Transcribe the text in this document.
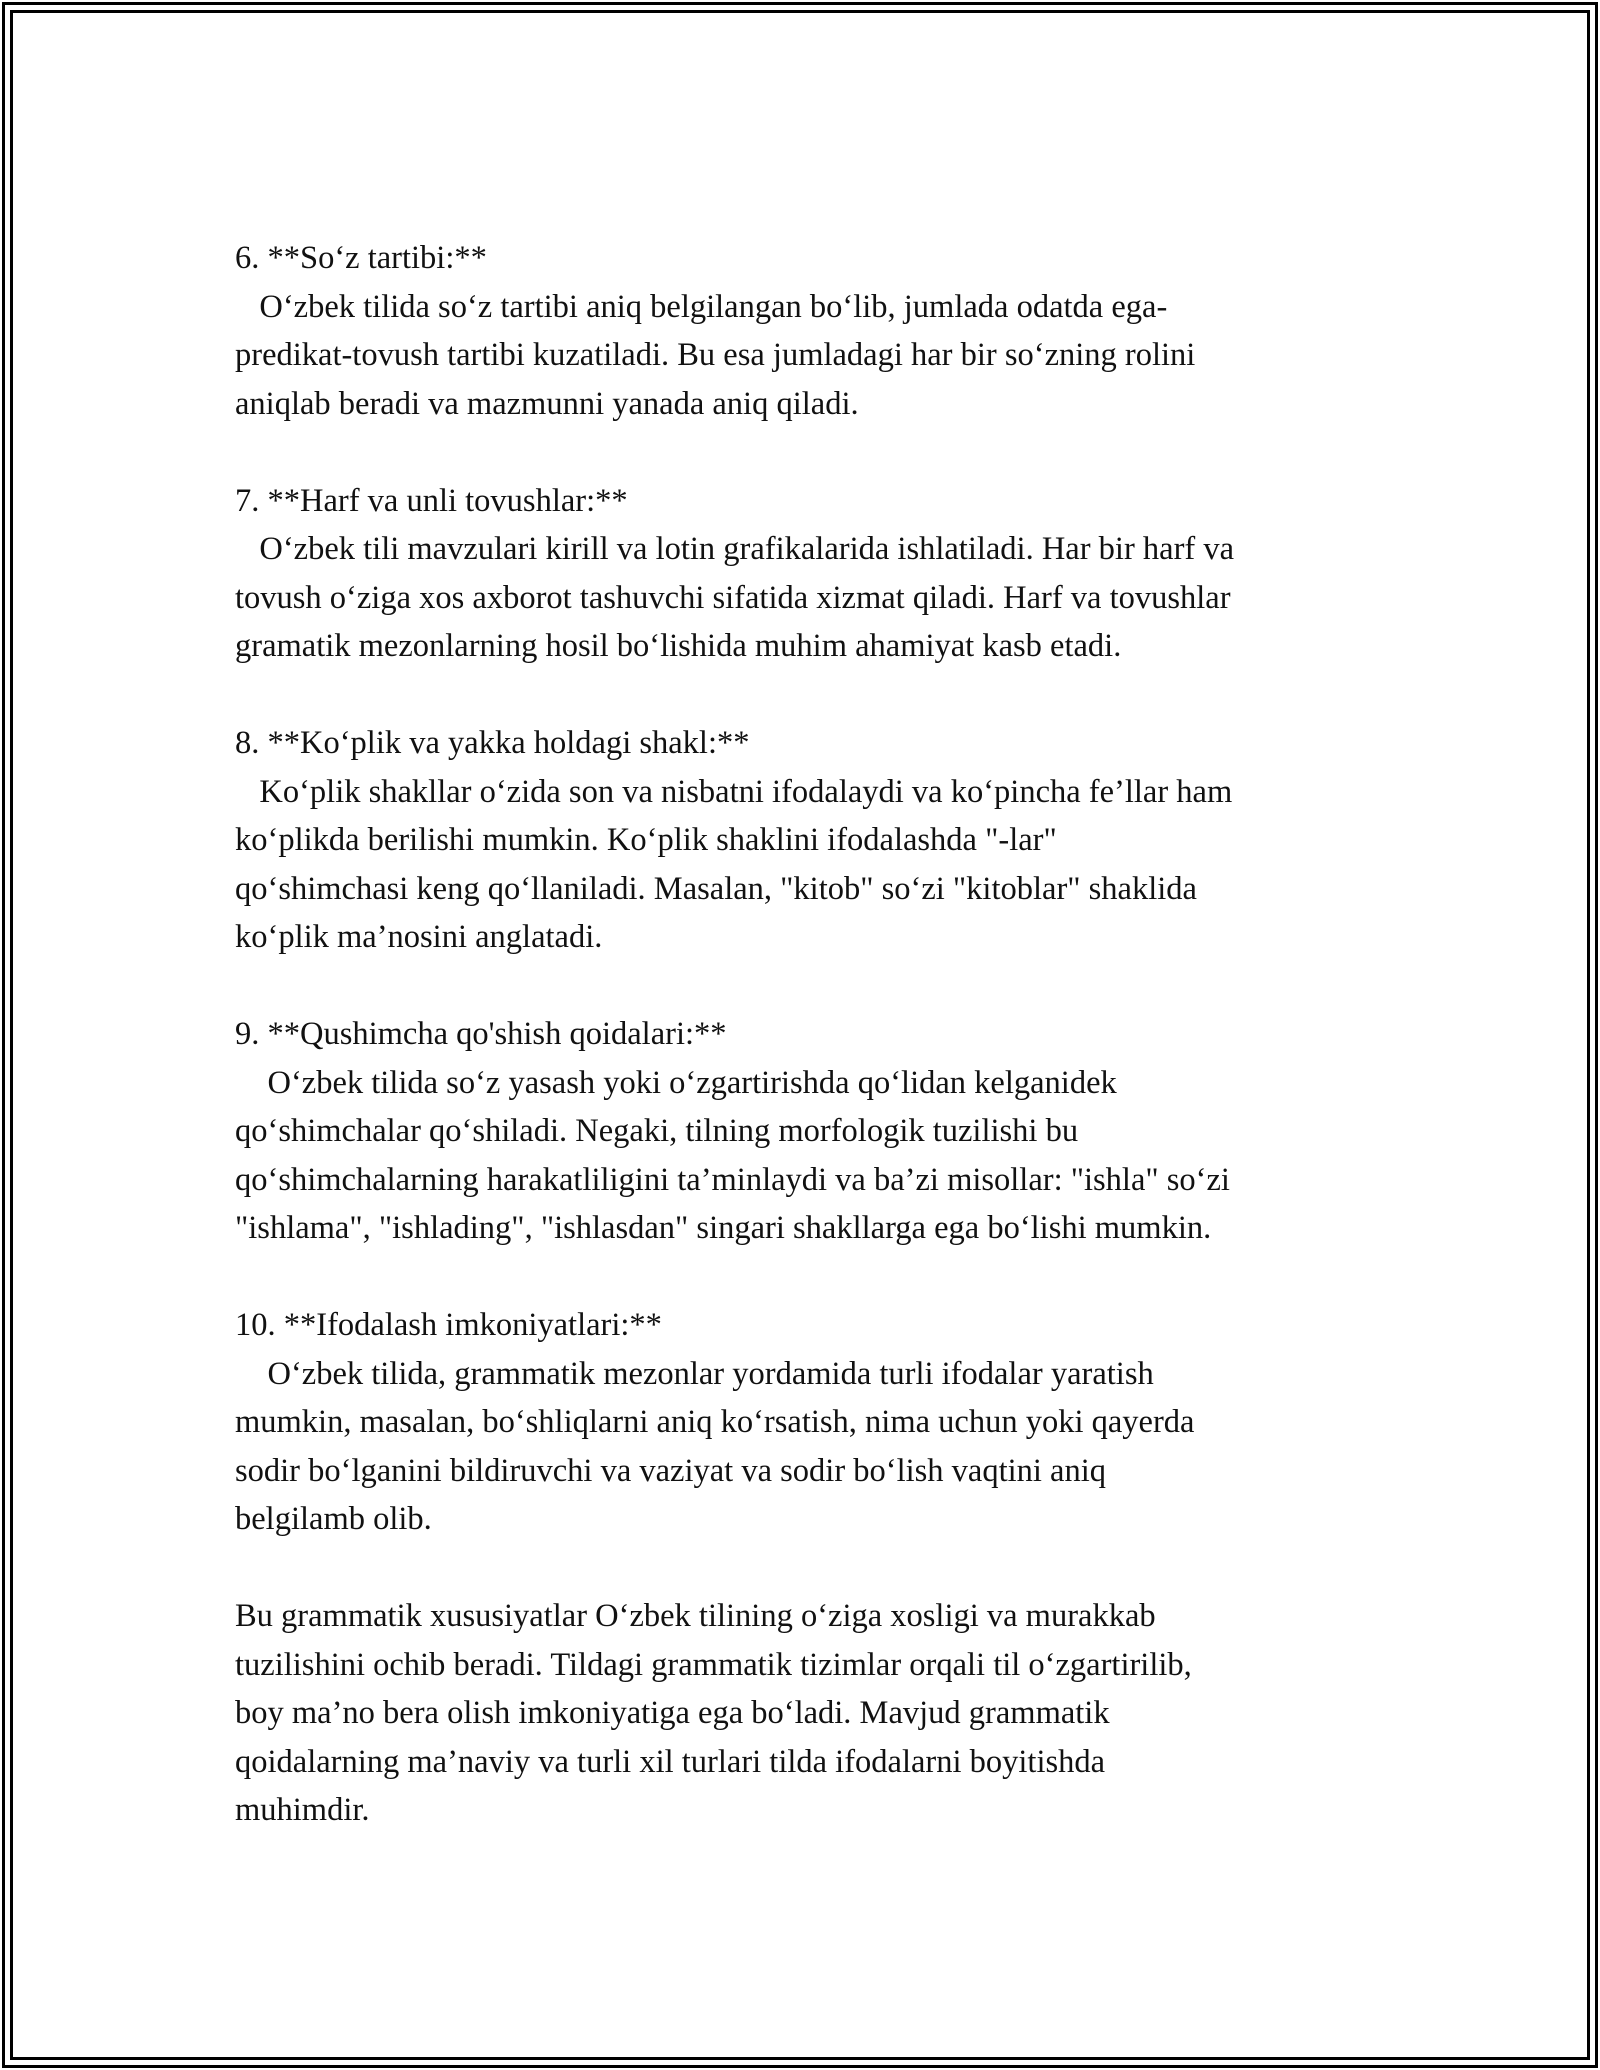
6. **So‘z tartibi:**
O‘zbek tilida so‘z tartibi aniq belgilangan bo‘lib, jumlada odatda ega-
predikat-tovush tartibi kuzatiladi. Bu esa jumladagi har bir so‘zning rolini
aniqlab beradi va mazmunni yanada aniq qiladi.
7. **Harf va unli tovushlar:**
O‘zbek tili mavzulari kirill va lotin grafikalarida ishlatiladi. Har bir harf va
tovush o‘ziga xos axborot tashuvchi sifatida xizmat qiladi. Harf va tovushlar
gramatik mezonlarning hosil bo‘lishida muhim ahamiyat kasb etadi.
8. **Ko‘plik va yakka holdagi shakl:**
Ko‘plik shakllar o‘zida son va nisbatni ifodalaydi va ko‘pincha fe’llar ham
ko‘plikda berilishi mumkin. Ko‘plik shaklini ifodalashda "-lar"
qo‘shimchasi keng qo‘llaniladi. Masalan, "kitob" so‘zi "kitoblar" shaklida
ko‘plik ma’nosini anglatadi.
9. **Qushimcha qo'shish qoidalari:**
O‘zbek tilida so‘z yasash yoki o‘zgartirishda qo‘lidan kelganidek
qo‘shimchalar qo‘shiladi. Negaki, tilning morfologik tuzilishi bu
qo‘shimchalarning harakatliligini ta’minlaydi va ba’zi misollar: "ishla" so‘zi
"ishlama", "ishlading", "ishlasdan" singari shakllarga ega bo‘lishi mumkin.
10. **Ifodalash imkoniyatlari:**
O‘zbek tilida, grammatik mezonlar yordamida turli ifodalar yaratish
mumkin, masalan, bo‘shliqlarni aniq ko‘rsatish, nima uchun yoki qayerda
sodir bo‘lganini bildiruvchi va vaziyat va sodir bo‘lish vaqtini aniq
belgilamb olib.
Bu grammatik xususiyatlar O‘zbek tilining o‘ziga xosligi va murakkab
tuzilishini ochib beradi. Tildagi grammatik tizimlar orqali til o‘zgartirilib,
boy ma’no bera olish imkoniyatiga ega bo‘ladi. Mavjud grammatik
qoidalarning ma’naviy va turli xil turlari tilda ifodalarni boyitishda
muhimdir.
